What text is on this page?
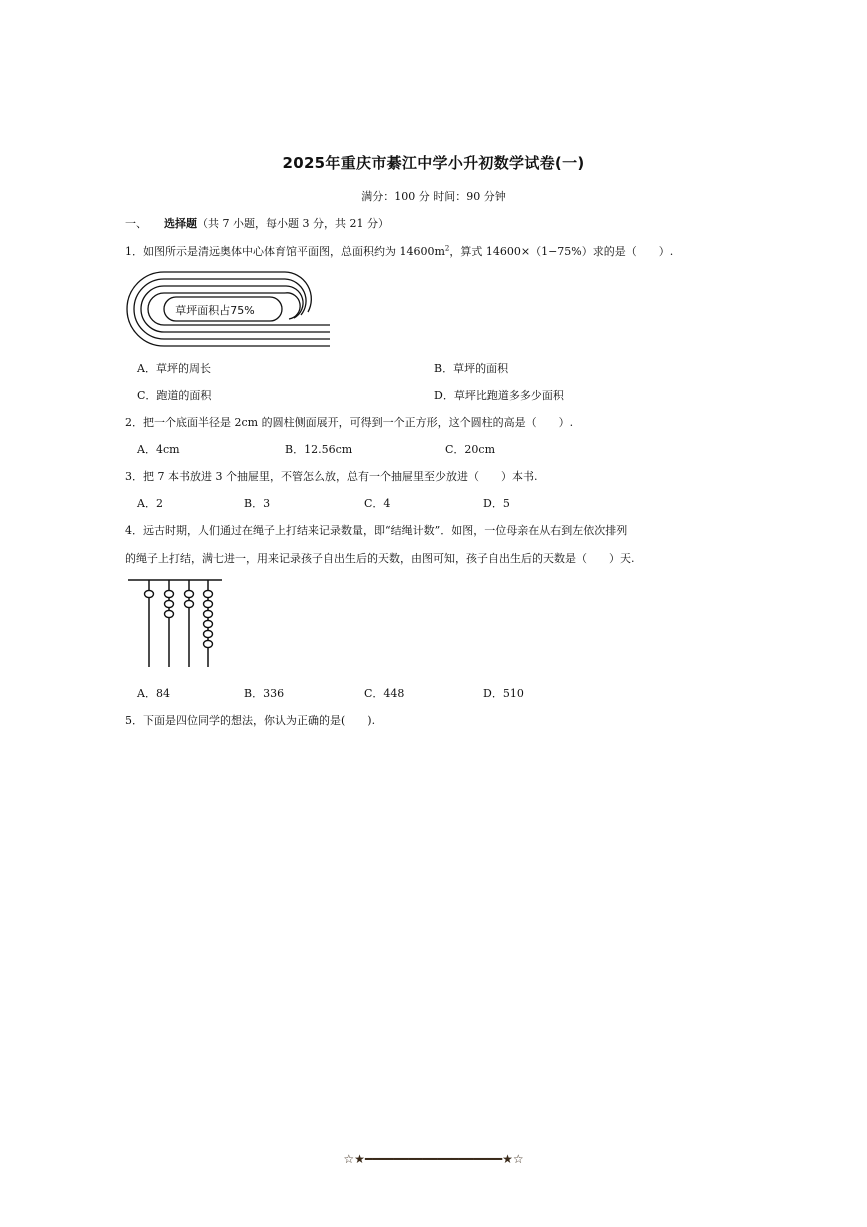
2025年重庆市綦江中学小升初数学试卷(一)
满分：100 分 时间：90 分钟
一、 选择题（共 7 小题，每小题 3 分，共 21 分）
1．如图所示是清远奥体中心体育馆平面图，总面积约为 $14600m^2$，算式 14600×（1−75%）求的是（　　）.
草坪面积占75%
A．草坪的周长	B．草坪的面积
C．跑道的面积	D．草坪比跑道多多少面积
2．把一个底面半径是 2cm 的圆柱侧面展开，可得到一个正方形，这个圆柱的高是（　　）.
A．4cm	B．12.56cm	C．20cm
3．把 7 本书放进 3 个抽屉里，不管怎么放，总有一个抽屉里至少放进（　　）本书.
A．2	B．3	C．4	D．5
4．远古时期，人们通过在绳子上打结来记录数量，即“结绳计数”．如图，一位母亲在从右到左依次排列
的绳子上打结，满七进一，用来记录孩子自出生后的天数，由图可知，孩子自出生后的天数是（　　）天.
A．84	B．336	C．448	D．510
5．下面是四位同学的想法，你认为正确的是(　　).
☆★━━━━━━━━━━━━━━━━━━━★☆
